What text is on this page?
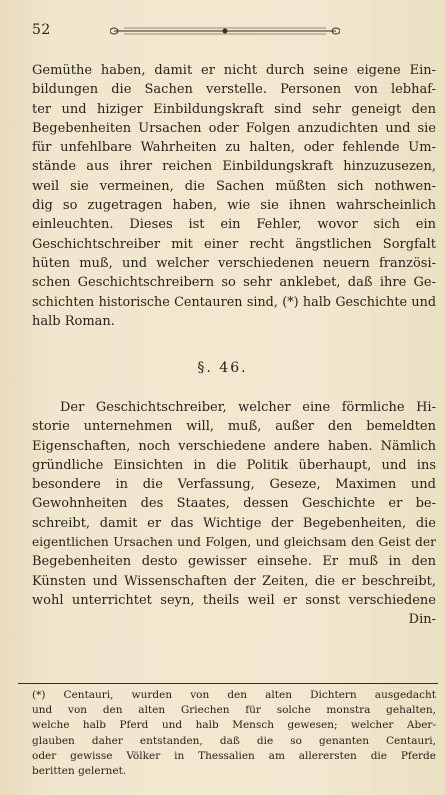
52
Gemüthe haben, damit er nicht durch seine eigene Ein-
bildungen die Sachen verstelle. Personen von lebhaf-
ter und hiziger Einbildungskraft sind sehr geneigt den
Begebenheiten Ursachen oder Folgen anzudichten und sie
für unfehlbare Wahrheiten zu halten, oder fehlende Um-
stände aus ihrer reichen Einbildungskraft hinzuzusezen,
weil sie vermeinen, die Sachen müßten sich nothwen-
dig so zugetragen haben, wie sie ihnen wahrscheinlich
einleuchten. Dieses ist ein Fehler, wovor sich ein
Geschichtschreiber mit einer recht ängstlichen Sorgfalt
hüten muß, und welcher verschiedenen neuern französi-
schen Geschichtschreibern so sehr anklebet, daß ihre Ge-
schichten historische Centauren sind, (*) halb Geschichte und
halb Roman.
§. 46.
Der Geschichtschreiber, welcher eine förmliche Hi-
storie unternehmen will, muß, außer den bemeldten
Eigenschaften, noch verschiedene andere haben. Nämlich
gründliche Einsichten in die Politik überhaupt, und ins
besondere in die Verfassung, Geseze, Maximen und
Gewohnheiten des Staates, dessen Geschichte er be-
schreibt, damit er das Wichtige der Begebenheiten, die
eigentlichen Ursachen und Folgen, und gleichsam den Geist der
Begebenheiten desto gewisser einsehe. Er muß in den
Künsten und Wissenschaften der Zeiten, die er beschreibt,
wohl unterrichtet seyn, theils weil er sonst verschiedene
Din-
(*) Centauri, wurden von den alten Dichtern ausgedacht
und von den alten Griechen für solche monstra gehalten,
welche halb Pferd und halb Mensch gewesen; welcher Aber-
glauben daher entstanden, daß die so genanten Centauri,
oder gewisse Völker in Thessalien am allerersten die Pferde
beritten gelernet.
